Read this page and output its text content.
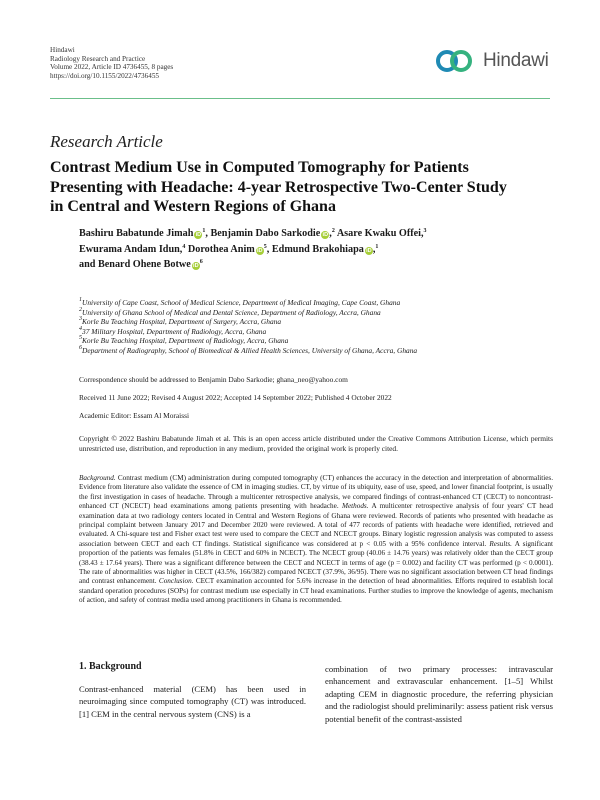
Hindawi
Radiology Research and Practice
Volume 2022, Article ID 4736455, 8 pages
https://doi.org/10.1155/2022/4736455
Hindawi
Research Article
Contrast Medium Use in Computed Tomography for Patients Presenting with Headache: 4-year Retrospective Two-Center Study in Central and Western Regions of Ghana
Bashiru Babatunde Jimah $iD^1$, Benjamin Dabo Sarkodie iD,$^2$ Asare Kwaku Offei,$^3$
Ewurama Andam Idun,$^4$ Dorothea Anim $iD^5$, Edmund Brakohiapa iD,$^1$
and Benard Ohene Botwe $iD^6$
$^1$University of Cape Coast, School of Medical Science, Department of Medical Imaging, Cape Coast, Ghana
$^2$University of Ghana School of Medical and Dental Science, Department of Radiology, Accra, Ghana
$^3$Korle Bu Teaching Hospital, Department of Surgery, Accra, Ghana
$^4$37 Military Hospital, Department of Radiology, Accra, Ghana
$^5$Korle Bu Teaching Hospital, Department of Radiology, Accra, Ghana
$^6$Department of Radiography, School of Biomedical & Allied Health Sciences, University of Ghana, Accra, Ghana
Correspondence should be addressed to Benjamin Dabo Sarkodie; ghana_neo@yahoo.com
Received 11 June 2022; Revised 4 August 2022; Accepted 14 September 2022; Published 4 October 2022
Academic Editor: Essam Al Moraissi
Copyright © 2022 Bashiru Babatunde Jimah et al. This is an open access article distributed under the Creative Commons Attribution License, which permits unrestricted use, distribution, and reproduction in any medium, provided the original work is properly cited.
Background. Contrast medium (CM) administration during computed tomography (CT) enhances the accuracy in the detection and interpretation of abnormalities. Evidence from literature also validate the essence of CM in imaging studies. CT, by virtue of its ubiquity, ease of use, speed, and lower financial footprint, is usually the first investigation in cases of headache. Through a multicenter retrospective analysis, we compared findings of contrast-enhanced CT (CECT) to noncontrast-enhanced CT (NCECT) head examinations among patients presenting with headache. Methods. A multicenter retrospective analysis of four years' CT head examination data at two radiology centers located in Central and Western Regions of Ghana were reviewed. Records of patients who presented with headache as principal complaint between January 2017 and December 2020 were reviewed. A total of 477 records of patients with headache were identified, retrieved and evaluated. A Chi-square test and Fisher exact test were used to compare the CECT and NCECT groups. Binary logistic regression analysis was computed to assess association between CECT and each CT findings. Statistical significance was considered at p < 0.05 with a 95% confidence interval. Results. A significant proportion of the patients was females (51.8% in CECT and 60% in NCECT). The NCECT group (40.06 ± 14.76 years) was relatively older than the CECT group (38.43 ± 17.64 years). There was a significant difference between the CECT and NCECT in terms of age (p = 0.002) and facility CT was performed (p < 0.0001). The rate of abnormalities was higher in CECT (43.5%, 166/382) compared NCECT (37.9%, 36/95). There was no significant association between CT head findings and contrast enhancement. Conclusion. CECT examination accounted for 5.6% increase in the detection of head abnormalities. Efforts required to establish local standard operation procedures (SOPs) for contrast medium use especially in CT head examinations. Further studies to improve the knowledge of agents, mechanism of action, and safety of contrast media used among practitioners in Ghana is recommended.
1. Background
Contrast-enhanced material (CEM) has been used in neuroimaging since computed tomography (CT) was introduced. [1] CEM in the central nervous system (CNS) is a
combination of two primary processes: intravascular enhancement and extravascular enhancement. [1–5] Whilst adapting CEM in diagnostic procedure, the referring physician and the radiologist should preliminarily: assess patient risk versus potential benefit of the contrast-assisted
